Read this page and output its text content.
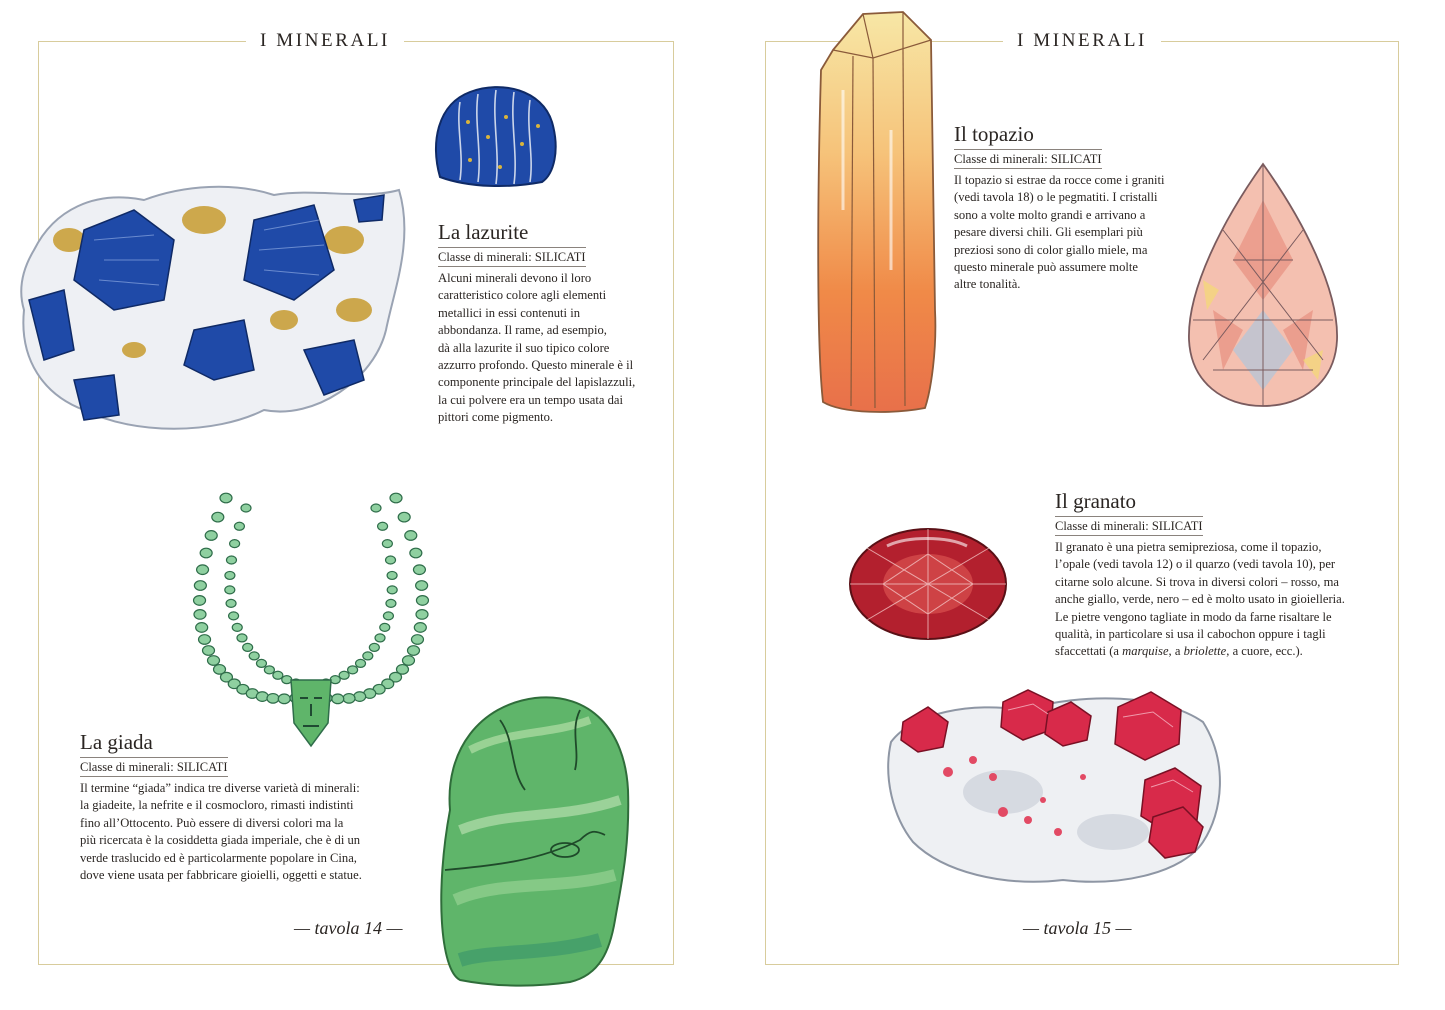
I MINERALI
La lazurite
Classe di minerali: SILICATI
Alcuni minerali devono il loro
caratteristico colore agli elementi
metallici in essi contenuti in
abbondanza. Il rame, ad esempio,
dà alla lazurite il suo tipico colore
azzurro profondo. Questo minerale è il
componente principale del lapislazzuli,
la cui polvere era un tempo usata dai
pittori come pigmento.
La giada
Classe di minerali: SILICATI
Il termine “giada” indica tre diverse varietà di minerali:
la giadeite, la nefrite e il cosmocloro, rimasti indistinti
fino all’Ottocento. Può essere di diversi colori ma la
più ricercata è la cosiddetta giada imperiale, che è di un
verde traslucido ed è particolarmente popolare in Cina,
dove viene usata per fabbricare gioielli, oggetti e statue.
— tavola 14 —
I MINERALI
Il topazio
Classe di minerali: SILICATI
Il topazio si estrae da rocce come i graniti
(vedi tavola 18) o le pegmatiti. I cristalli
sono a volte molto grandi e arrivano a
pesare diversi chili. Gli esemplari più
preziosi sono di color giallo miele, ma
questo minerale può assumere molte
altre tonalità.
Il granato
Classe di minerali: SILICATI
Il granato è una pietra semipreziosa, come il topazio,
l’opale (vedi tavola 12) o il quarzo (vedi tavola 10), per
citarne solo alcune. Si trova in diversi colori – rosso, ma
anche giallo, verde, nero – ed è molto usato in gioielleria.
Le pietre vengono tagliate in modo da farne risaltare le
qualità, in particolare si usa il cabochon oppure i tagli
sfaccettati (a marquise, a briolette, a cuore, ecc.).
— tavola 15 —
